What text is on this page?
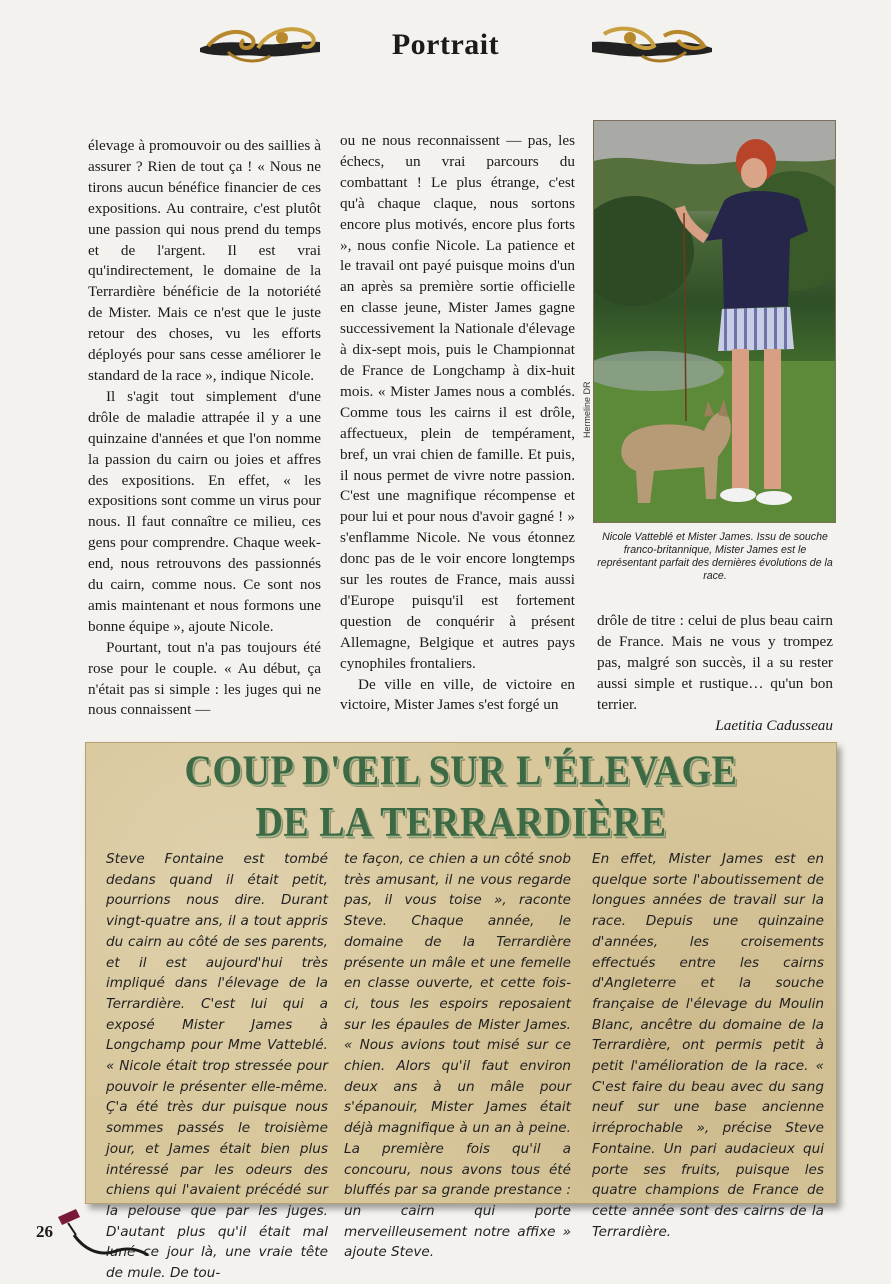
Portrait

élevage à promouvoir ou des saillies à assurer ? Rien de tout ça ! « Nous ne tirons aucun bénéfice financier de ces expositions. Au contraire, c'est plutôt une passion qui nous prend du temps et de l'argent. Il est vrai qu'indirectement, le domaine de la Terrardière bénéficie de la notoriété de Mister. Mais ce n'est que le juste retour des choses, vu les efforts déployés pour sans cesse améliorer le standard de la race », indique Nicole.

Il s'agit tout simplement d'une drôle de maladie attrapée il y a une quinzaine d'années et que l'on nomme la passion du cairn ou joies et affres des expositions. En effet, « les expositions sont comme un virus pour nous. Il faut connaître ce milieu, ces gens pour comprendre. Chaque week-end, nous retrouvons des passionnés du cairn, comme nous. Ce sont nos amis maintenant et nous formons une bonne équipe », ajoute Nicole.

Pourtant, tout n'a pas toujours été rose pour le couple. « Au début, ça n'était pas si simple : les juges qui ne nous connaissent —

ou ne nous reconnaissent — pas, les échecs, un vrai parcours du combattant ! Le plus étrange, c'est qu'à chaque claque, nous sortons encore plus motivés, encore plus forts », nous confie Nicole. La patience et le travail ont payé puisque moins d'un an après sa première sortie officielle en classe jeune, Mister James gagne successivement la Nationale d'élevage à dix-sept mois, puis le Championnat de France de Longchamp à dix-huit mois. « Mister James nous a comblés. Comme tous les cairns il est drôle, affectueux, plein de tempérament, bref, un vrai chien de famille. Et puis, il nous permet de vivre notre passion. C'est une magnifique récompense et pour lui et pour nous d'avoir gagné ! » s'enflamme Nicole. Ne vous étonnez donc pas de le voir encore longtemps sur les routes de France, mais aussi d'Europe puisqu'il est fortement question de conquérir à présent Allemagne, Belgique et autres pays cynophiles frontaliers.

De ville en ville, de victoire en victoire, Mister James s'est forgé un

drôle de titre : celui de plus beau cairn de France. Mais ne vous y trompez pas, malgré son succès, il a su rester aussi simple et rustique… qu'un bon terrier.

Laetitia Cadusseau

Hermeline DR
Nicole Vattеblé et Mister James. Issu de souche franco-britannique, Mister James est le représentant parfait des dernières évolutions de la race.
COUP D'ŒIL SUR L'ÉLEVAGE
DE LA TERRARDIÈRE
Steve Fontaine est tombé dedans quand il était petit, pourrions nous dire. Durant vingt-quatre ans, il a tout appris du cairn au côté de ses parents, et il est aujourd'hui très impliqué dans l'élevage de la Terrardière. C'est lui qui a exposé Mister James à Longchamp pour Mme Vatteblé. « Nicole était trop stressée pour pouvoir le présenter elle-même. Ç'a été très dur puisque nous sommes passés le troisième jour, et James était bien plus intéressé par les odeurs des chiens qui l'avaient précédé sur la pelouse que par les juges. D'autant plus qu'il était mal luné ce jour là, une vraie tête de mule. De tou-
te façon, ce chien a un côté snob très amusant, il ne vous regarde pas, il vous toise », raconte Steve. Chaque année, le domaine de la Terrardière présente un mâle et une femelle en classe ouverte, et cette fois-ci, tous les espoirs reposaient sur les épaules de Mister James. « Nous avions tout misé sur ce chien. Alors qu'il faut environ deux ans à un mâle pour s'épanouir, Mister James était déjà magnifique à un an à peine. La première fois qu'il a concouru, nous avons tous été bluffés par sa grande prestance : un cairn qui porte merveilleusement notre affixe » ajoute Steve.
En effet, Mister James est en quelque sorte l'aboutissement de longues années de travail sur la race. Depuis une quinzaine d'années, les croisements effectués entre les cairns d'Angleterre et la souche française de l'élevage du Moulin Blanc, ancêtre du domaine de la Terrardière, ont permis petit à petit l'amélioration de la race. « C'est faire du beau avec du sang neuf sur une base ancienne irréprochable », précise Steve Fontaine. Un pari audacieux qui porte ses fruits, puisque les quatre champions de France de cette année sont des cairns de la Terrardière.
26
